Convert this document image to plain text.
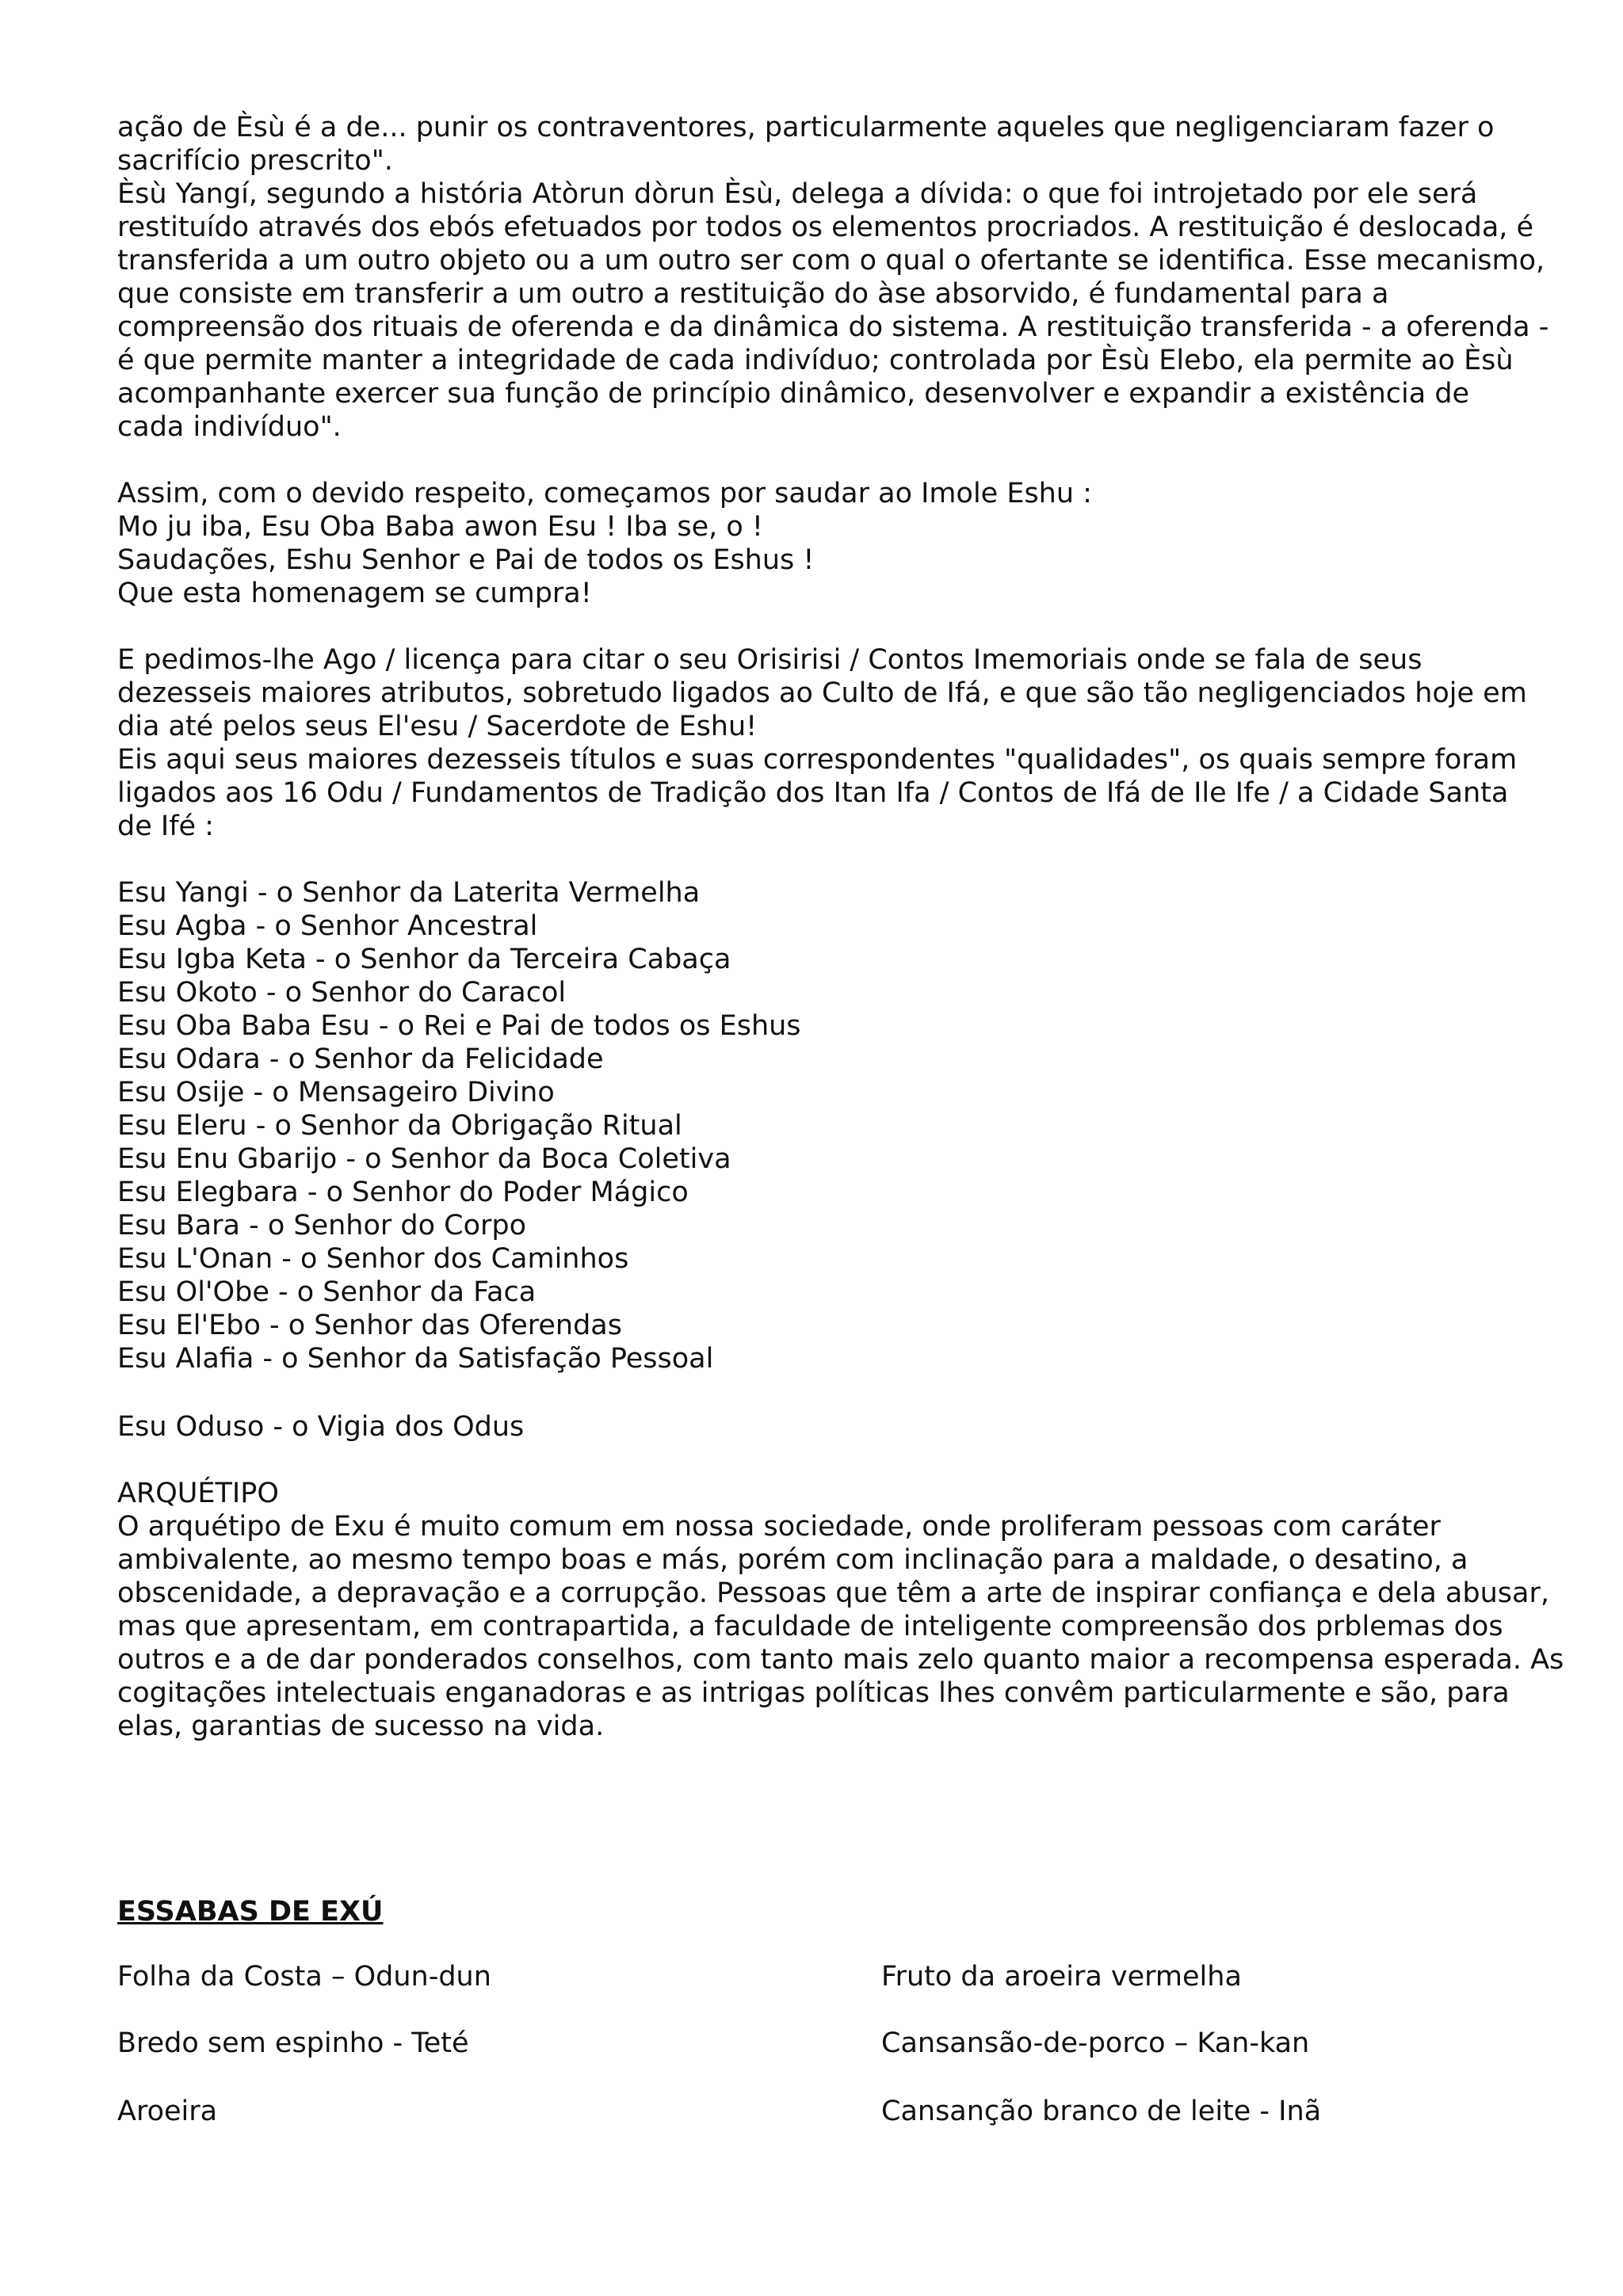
ação de Èsù é a de... punir os contraventores, particularmente aqueles que negligenciaram fazer o

sacrifício prescrito".

Èsù Yangí, segundo a história Atòrun dòrun Èsù, delega a dívida: o que foi introjetado por ele será

restituído através dos ebós efetuados por todos os elementos procriados. A restituição é deslocada, é

transferida a um outro objeto ou a um outro ser com o qual o ofertante se identifica. Esse mecanismo,

que consiste em transferir a um outro a restituição do àse absorvido, é fundamental para a

compreensão dos rituais de oferenda e da dinâmica do sistema. A restituição transferida - a oferenda -

é que permite manter a integridade de cada indivíduo; controlada por Èsù Elebo, ela permite ao Èsù

acompanhante exercer sua função de princípio dinâmico, desenvolver e expandir a existência de

cada indivíduo".

Assim, com o devido respeito, começamos por saudar ao Imole Eshu :

Mo ju iba, Esu Oba Baba awon Esu ! Iba se, o !

Saudações, Eshu Senhor e Pai de todos os Eshus !

Que esta homenagem se cumpra!

E pedimos-lhe Ago / licença para citar o seu Orisirisi / Contos Imemoriais onde se fala de seus

dezesseis maiores atributos, sobretudo ligados ao Culto de Ifá, e que são tão negligenciados hoje em

dia até pelos seus El'esu / Sacerdote de Eshu!

Eis aqui seus maiores dezesseis títulos e suas correspondentes "qualidades", os quais sempre foram

ligados aos 16 Odu / Fundamentos de Tradição dos Itan Ifa / Contos de Ifá de Ile Ife / a Cidade Santa

de Ifé :

Esu Yangi - o Senhor da Laterita Vermelha

Esu Agba - o Senhor Ancestral

Esu Igba Keta - o Senhor da Terceira Cabaça

Esu Okoto - o Senhor do Caracol

Esu Oba Baba Esu - o Rei e Pai de todos os Eshus

Esu Odara - o Senhor da Felicidade

Esu Osije - o Mensageiro Divino

Esu Eleru - o Senhor da Obrigação Ritual

Esu Enu Gbarijo - o Senhor da Boca Coletiva

Esu Elegbara - o Senhor do Poder Mágico

Esu Bara - o Senhor do Corpo

Esu L'Onan - o Senhor dos Caminhos

Esu Ol'Obe - o Senhor da Faca

Esu El'Ebo - o Senhor das Oferendas

Esu Alafia - o Senhor da Satisfação Pessoal

Esu Oduso - o Vigia dos Odus

ARQUÉTIPO

O arquétipo de Exu é muito comum em nossa sociedade, onde proliferam pessoas com caráter

ambivalente, ao mesmo tempo boas e más, porém com inclinação para a maldade, o desatino, a

obscenidade, a depravação e a corrupção. Pessoas que têm a arte de inspirar confiança e dela abusar,

mas que apresentam, em contrapartida, a faculdade de inteligente compreensão dos prblemas dos

outros e a de dar ponderados conselhos, com tanto mais zelo quanto maior a recompensa esperada. As

cogitações intelectuais enganadoras e as intrigas políticas lhes convêm particularmente e são, para

elas, garantias de sucesso na vida.

ESSABAS DE EXÚ
Folha da Costa – Odun-dun
Bredo sem espinho - Teté
Aroeira
Fruto da aroeira vermelha
Cansansão-de-porco – Kan-kan
Cansanção branco de leite - Inã
